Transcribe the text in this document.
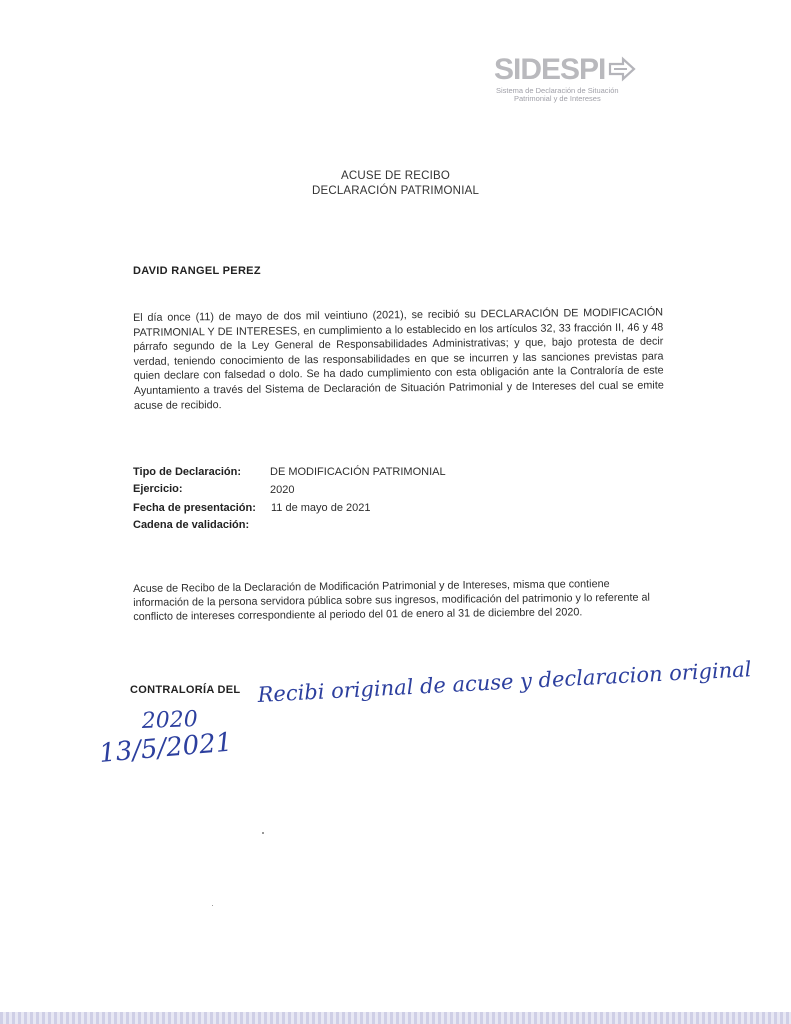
SIDESPI
Sistema de Declaración de Situación
Patrimonial y de Intereses
ACUSE DE RECIBO
DECLARACIÓN PATRIMONIAL
DAVID RANGEL PEREZ

El día once (11) de mayo de dos mil veintiuno (2021), se recibió su DECLARACIÓN DE MODIFICACIÓN PATRIMONIAL Y DE INTERESES, en cumplimiento a lo establecido en los artículos 32, 33 fracción II, 46 y 48 párrafo segundo de la Ley General de Responsabilidades Administrativas; y que, bajo protesta de decir verdad, teniendo conocimiento de las responsabilidades en que se incurren y las sanciones previstas para quien declare con falsedad o dolo. Se ha dado cumplimiento con esta obligación ante la Contraloría de este Ayuntamiento a través del Sistema de Declaración de Situación Patrimonial y de Intereses del cual se emite acuse de recibido.

Tipo de Declaración:	DE MODIFICACIÓN PATRIMONIAL
Ejercicio:	2020
Fecha de presentación: 11 de mayo de 2021
Cadena de validación:

Acuse de Recibo de la Declaración de Modificación Patrimonial y de Intereses, misma que contiene información de la persona servidora pública sobre sus ingresos, modificación del patrimonio y lo referente al conflicto de intereses correspondiente al periodo del 01 de enero al 31 de diciembre del 2020.

CONTRALORÍA DEL Recibi original de acuse y declaracion original
2020
13/5/2021
